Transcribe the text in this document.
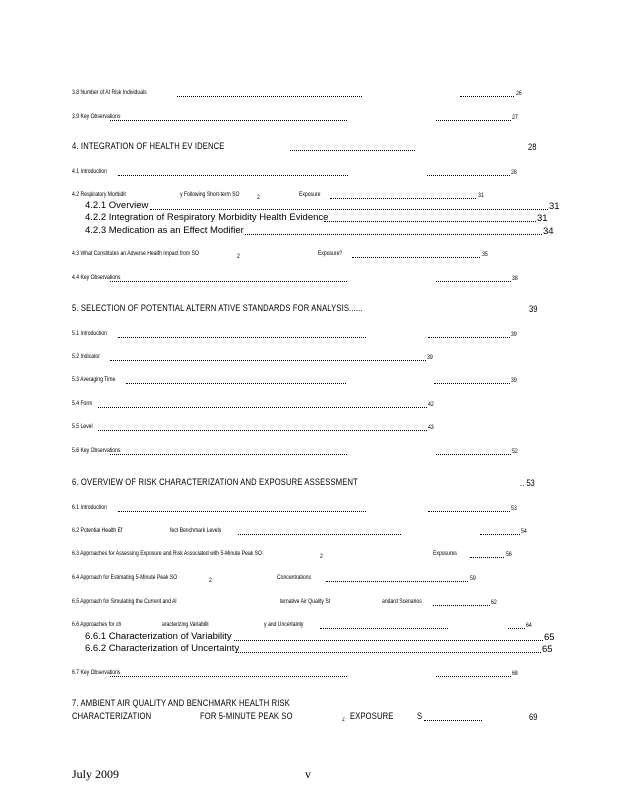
3.8 Number of At Risk Individuals	26
3.9 Key Observations	27
4. INTEGRATION OF HEALTH EV IDENCE	28
4.1 Introduction	28
4.2 Respiratory Morbidit	y Following Short-term SO	2	Exposure	31
4.2.1 Overview	31
4.2.2 Integration of Respiratory Morbidity Health Evidence	31
4.2.3 Medication as an Effect Modifier	34
4.3 What Constitutes an Adverse Health Impact from SO	2	Exposure?	35
4.4 Key Observations	38
5. SELECTION OF POTENTIAL ALTERN ATIVE STANDARDS FOR ANALYSIS......	39
5.1 Introduction	39
5.2 Indicator	39
5.3 Averaging Time	39
5.4 Form	42
5.5 Level	43
5.6 Key Observations	52
6. OVERVIEW OF RISK CHARACTERIZATION AND EXPOSURE ASSESSMENT	.. 53
6.1 Introduction	53
6.2 Potential Health Ef	fect Benchmark Levels	54
6.3 Approaches for Assessing Exposure and Risk Associated with 5-Minute Peak SO	2	Exposures	56
6.4 Approach for Estimating 5-Minute Peak SO	2	Concentrations	59
6.5 Approach for Simulating the Current and Al	ternative Air Quality St	andard Scenarios	62
6.6 Approaches for ch	aracterizing Variabilit	y and Uncertainty	64
6.6.1 Characterization of Variability	65
6.6.2 Characterization of Uncertainty	65
6.7 Key Observations	68
7. AMBIENT AIR QUALITY AND BENCHMARK HEALTH RISK
CHARACTERIZATION	FOR 5-MINUTE PEAK SO	2 EXPOSURE S	69
July 2009	v
